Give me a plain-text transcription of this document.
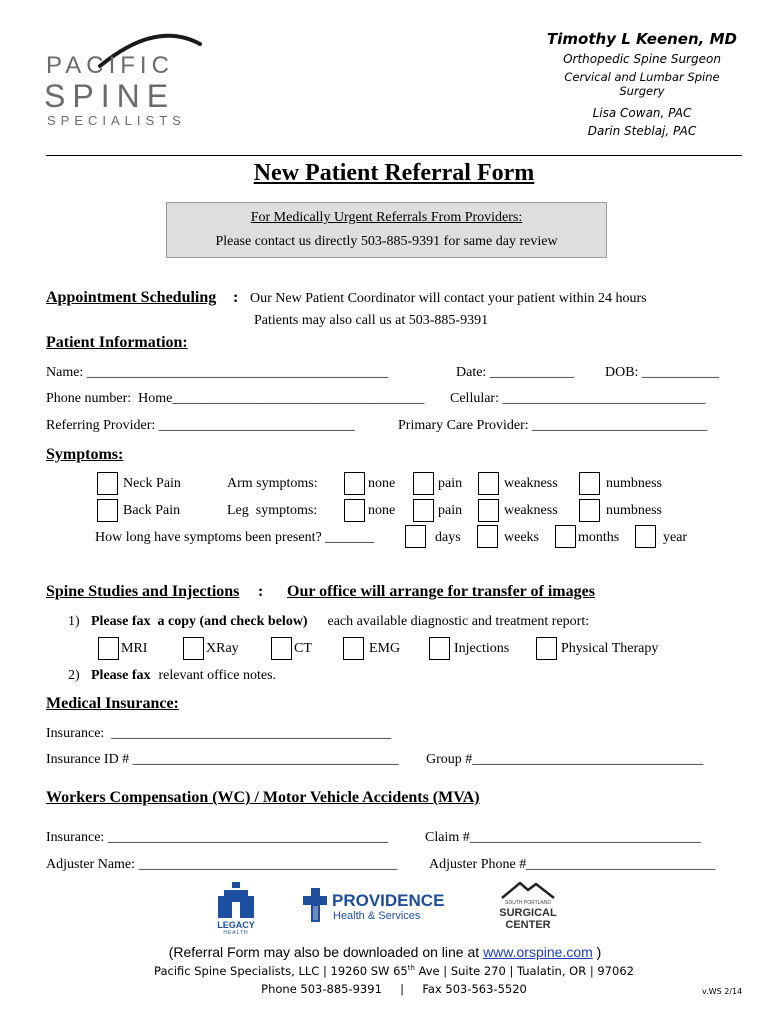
PACIFIC
SPINE
SPECIALISTS
Timothy L Keenen, MD
Orthopedic Spine Surgeon
Cervical and Lumbar Spine Surgery
Lisa Cowan, PAC
Darin Steblaj, PAC
New Patient Referral Form
For Medically Urgent Referrals From Providers:
Please contact us directly 503-885-9391 for same day review
Appointment Scheduling : Our New Patient Coordinator will contact your patient within 24 hours
Patients may also call us at 503-885-9391
Patient Information:
Name: ___________________________________________	Date: ____________ DOB: ___________
Phone number:  Home____________________________________ Cellular: _____________________________
Referring Provider: ____________________________	Primary Care Provider: _________________________
Symptoms:
Neck Pain	Arm symptoms:	none	pain	weakness	numbness
Back Pain	Leg  symptoms:	none	pain	weakness	numbness
How long have symptoms been present? _______	days	weeks	months	year
Spine Studies and Injections : Our office will arrange for transfer of images
1) Please fax  a copy (and check below) each available diagnostic and treatment report:
MRI	XRay	CT	EMG	Injections	Physical Therapy
2) Please fax relevant office notes.
Medical Insurance:
Insurance:  ________________________________________
Insurance ID # ______________________________________ Group #_________________________________
Workers Compensation (WC) / Motor Vehicle Accidents (MVA)
Insurance: ________________________________________	Claim #_________________________________
Adjuster Name: _____________________________________ Adjuster Phone #___________________________
LEGACY
HEALTH
PROVIDENCE
Health & Services
SOUTH PORTLAND
SURGICAL
CENTER
(Referral Form may also be downloaded on line at www.orspine.com )
Pacific Spine Specialists, LLC | 19260 SW 65th Ave | Suite 270 | Tualatin, OR | 97062
Phone 503-885-9391     |     Fax 503-563-5520	v.WS 2/14
